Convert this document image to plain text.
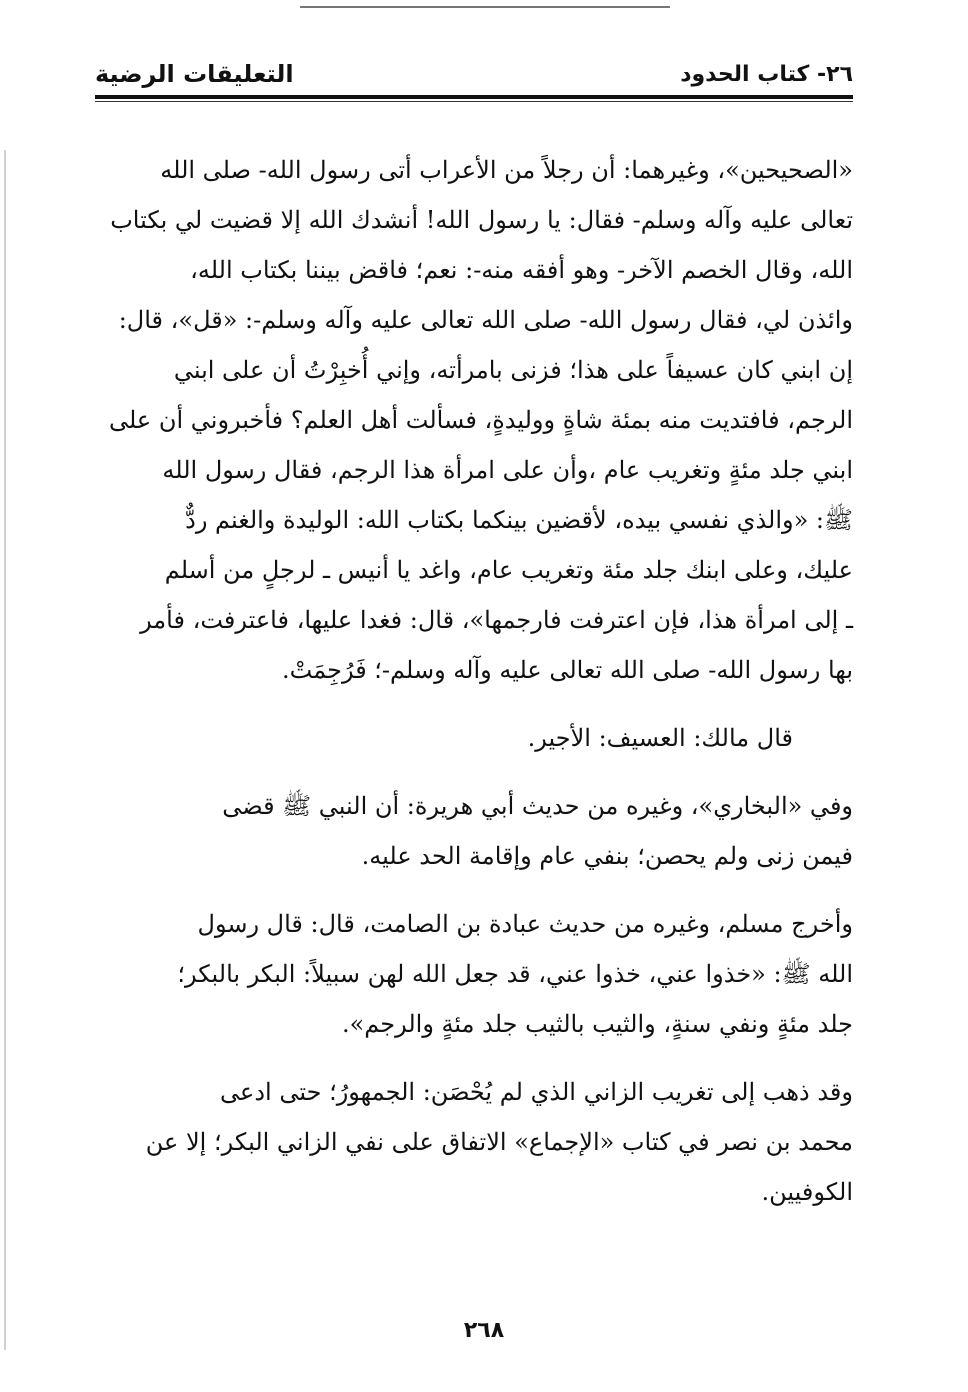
٢٦- كتاب الحدود
التعليقات الرضية

«الصحيحين»، وغيرهما: أن رجلاً من الأعراب أتى رسول الله- صلى الله
تعالى عليه وآله وسلم- فقال: يا رسول الله! أنشدك الله إلا قضيت لي بكتاب
الله، وقال الخصم الآخر- وهو أفقه منه-: نعم؛ فاقض بيننا بكتاب الله،
وائذن لي، فقال رسول الله- صلى الله تعالى عليه وآله وسلم-: «قل»، قال:
إن ابني كان عسيفاً على هذا؛ فزنى بامرأته، وإني أُخبِرْتُ أن على ابني
الرجم، فافتديت منه بمئة شاةٍ ووليدةٍ، فسألت أهل العلم؟ فأخبروني أن على
ابني جلد مئةٍ وتغريب عام ،وأن على امرأة هذا الرجم، فقال رسول الله
ﷺ: «والذي نفسي بيده، لأقضين بينكما بكتاب الله: الوليدة والغنم ردٌّ
عليك، وعلى ابنك جلد مئة وتغريب عام، واغد يا أنيس ـ لرجلٍ من أسلم
ـ إلى امرأة هذا، فإن اعترفت فارجمها»، قال: فغدا عليها، فاعترفت، فأمر
بها رسول الله- صلى الله تعالى عليه وآله وسلم-؛ فَرُجِمَتْ.

قال مالك: العسيف: الأجير.

وفي «البخاري»، وغيره من حديث أبي هريرة: أن النبي ﷺ قضى
فيمن زنى ولم يحصن؛ بنفي عام وإقامة الحد عليه.

وأخرج مسلم، وغيره من حديث عبادة بن الصامت، قال: قال رسول
الله ﷺ: «خذوا عني، خذوا عني، قد جعل الله لهن سبيلاً: البكر بالبكر؛
جلد مئةٍ ونفي سنةٍ، والثيب بالثيب جلد مئةٍ والرجم».

وقد ذهب إلى تغريب الزاني الذي لم يُحْصَن: الجمهورُ؛ حتى ادعى
محمد بن نصر في كتاب «الإجماع» الاتفاق على نفي الزاني البكر؛ إلا عن
الكوفيين.

٢٦٨
